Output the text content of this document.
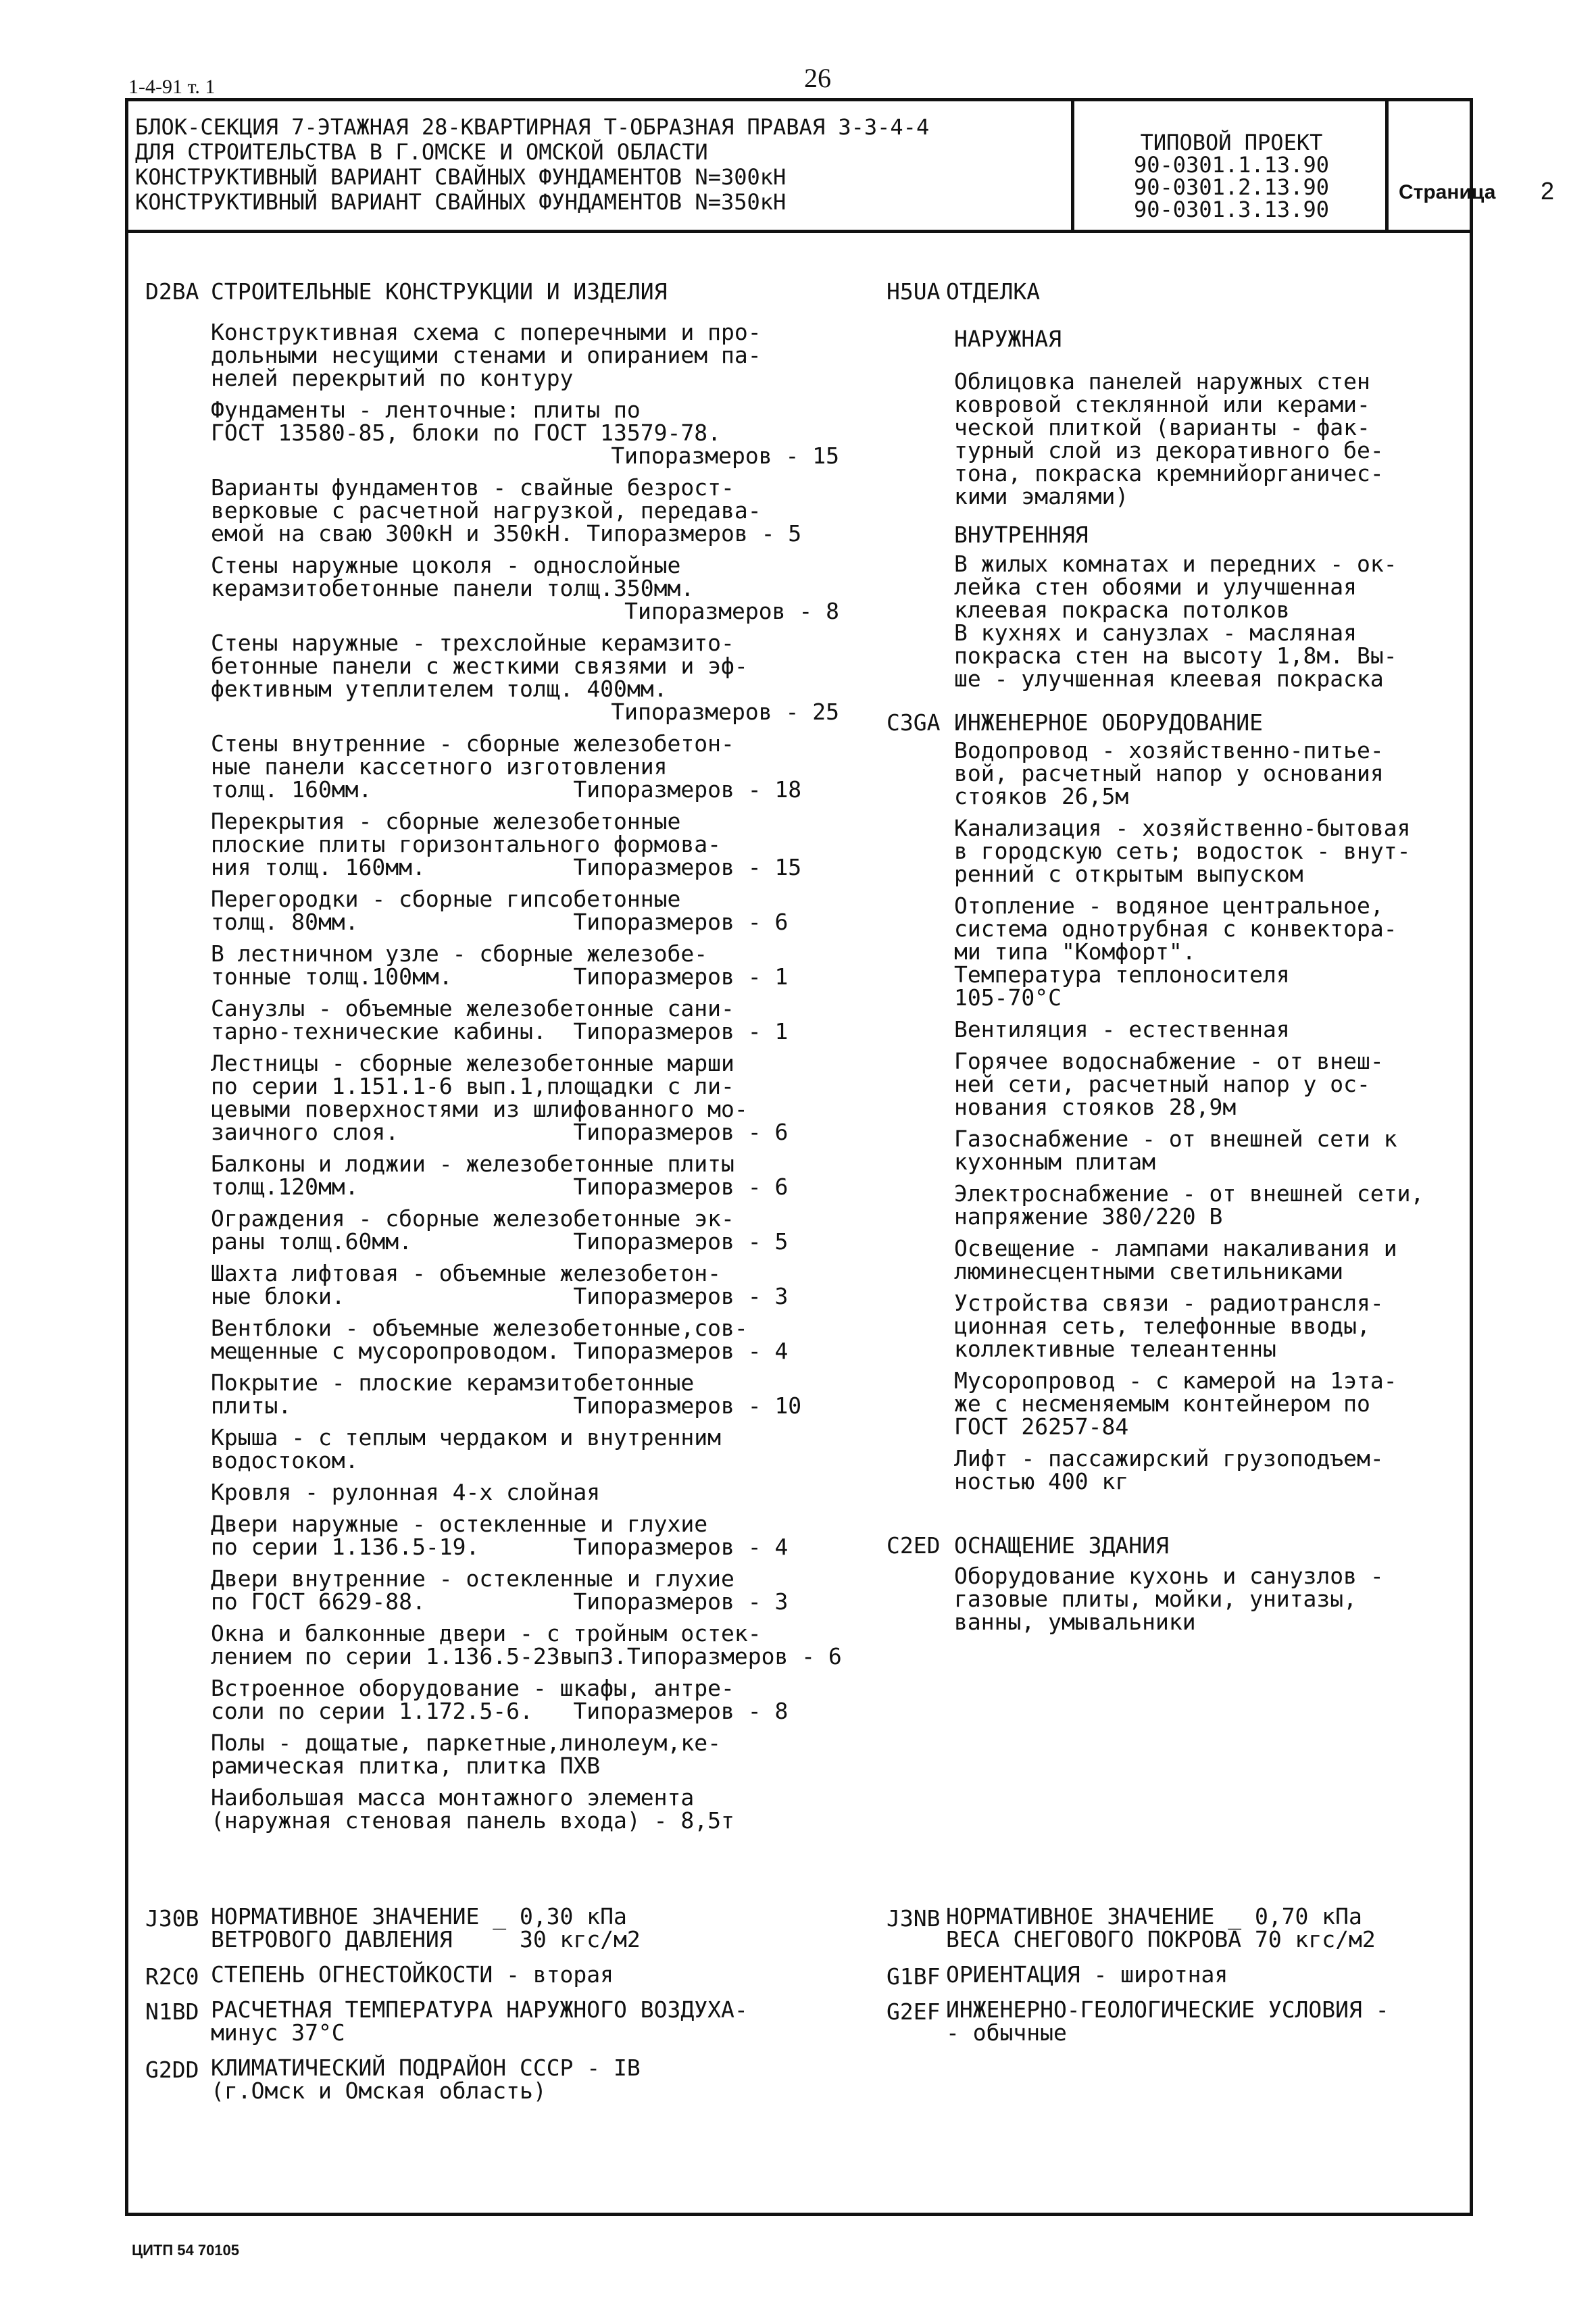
1-4-91 т. 1	26
БЛОК-СЕКЦИЯ 7-ЭТАЖНАЯ 28-КВАРТИРНАЯ Т-ОБРАЗНАЯ ПРАВАЯ 3-3-4-4
ДЛЯ СТРОИТЕЛЬСТВА В Г.ОМСКЕ И ОМСКОЙ ОБЛАСТИ
КОНСТРУКТИВНЫЙ ВАРИАНТ СВАЙНЫХ ФУНДАМЕНТОВ N=300кН
КОНСТРУКТИВНЫЙ ВАРИАНТ СВАЙНЫХ ФУНДАМЕНТОВ N=350кН
ТИПОВОЙ ПРОЕКТ
90-0301.1.13.90
90-0301.2.13.90
90-0301.3.13.90
Страница 2
D2BA СТРОИТЕЛЬНЫЕ КОНСТРУКЦИИ И ИЗДЕЛИЯ
Конструктивная схема с поперечными и про-
дольными несущими стенами и опиранием па-
нелей перекрытий по контуру
Фундаменты - ленточные: плиты по
ГОСТ 13580-85, блоки по ГОСТ 13579-78.
Типоразмеров - 15
Варианты фундаментов - свайные безрост-
верковые с расчетной нагрузкой, передава-
емой на сваю 300кН и 350кН. Типоразмеров - 5
Стены наружные цоколя - однослойные
керамзитобетонные панели толщ.350мм.
Типоразмеров - 8
Стены наружные - трехслойные керамзито-
бетонные панели с жесткими связями и эф-
фективным утеплителем толщ. 400мм.
Типоразмеров - 25
Стены внутренние - сборные железобетон-
ные панели кассетного изготовления
толщ. 160мм.               Типоразмеров - 18
Перекрытия - сборные железобетонные
плоские плиты горизонтального формова-
ния толщ. 160мм.           Типоразмеров - 15
Перегородки - сборные гипсобетонные
толщ. 80мм.                Типоразмеров - 6
В лестничном узле - сборные железобе-
тонные толщ.100мм.         Типоразмеров - 1
Санузлы - объемные железобетонные сани-
тарно-технические кабины.  Типоразмеров - 1
Лестницы - сборные железобетонные марши
по серии 1.151.1-6 вып.1,площадки с ли-
цевыми поверхностями из шлифованного мо-
заичного слоя.             Типоразмеров - 6
Балконы и лоджии - железобетонные плиты
толщ.120мм.                Типоразмеров - 6
Ограждения - сборные железобетонные эк-
раны толщ.60мм.            Типоразмеров - 5
Шахта лифтовая - объемные железобетон-
ные блоки.                 Типоразмеров - 3
Вентблоки - объемные железобетонные,сов-
мещенные с мусоропроводом. Типоразмеров - 4
Покрытие - плоские керамзитобетонные
плиты.                     Типоразмеров - 10
Крыша - с теплым чердаком и внутренним
водостоком.
Кровля - рулонная 4-х слойная
Двери наружные - остекленные и глухие
по серии 1.136.5-19.       Типоразмеров - 4
Двери внутренние - остекленные и глухие
по ГОСТ 6629-88.           Типоразмеров - 3
Окна и балконные двери - с тройным остек-
лением по серии 1.136.5-23вып3.Типоразмеров - 6
Встроенное оборудование - шкафы, антре-
соли по серии 1.172.5-6.   Типоразмеров - 8
Полы - дощатые, паркетные,линолеум,ке-
рамическая плитка, плитка ПХВ
Наибольшая масса монтажного элемента
(наружная стеновая панель входа) - 8,5т
H5UA ОТДЕЛКА
НАРУЖНАЯ
Облицовка панелей наружных стен
ковровой стеклянной или керами-
ческой плиткой (варианты - фак-
турный слой из декоративного бе-
тона, покраска кремнийорганичес-
кими эмалями)
ВНУТРЕННЯЯ
В жилых комнатах и передних - ок-
лейка стен обоями и улучшенная
клеевая покраска потолков
В кухнях и санузлах - масляная
покраска стен на высоту 1,8м. Вы-
ше - улучшенная клеевая покраска
C3GA ИНЖЕНЕРНОЕ ОБОРУДОВАНИЕ
Водопровод - хозяйственно-питье-
вой, расчетный напор у основания
стояков 26,5м
Канализация - хозяйственно-бытовая
в городскую сеть; водосток - внут-
ренний с открытым выпуском
Отопление - водяное центральное,
система однотрубная с конвектора-
ми типа "Комфорт".
Температура теплоносителя
105-70°С
Вентиляция - естественная
Горячее водоснабжение - от внеш-
ней сети, расчетный напор у ос-
нования стояков 28,9м
Газоснабжение - от внешней сети к
кухонным плитам
Электроснабжение - от внешней сети,
напряжение 380/220 В
Освещение - лампами накаливания и
люминесцентными светильниками
Устройства связи - радиотрансля-
ционная сеть, телефонные вводы,
коллективные телеантенны
Мусоропровод - с камерой на 1эта-
же с несменяемым контейнером по
ГОСТ 26257-84
Лифт - пассажирский грузоподъем-
ностью 400 кг
C2ED ОСНАЩЕНИЕ ЗДАНИЯ
Оборудование кухонь и санузлов -
газовые плиты, мойки, унитазы,
ванны, умывальники
J30B НОРМАТИВНОЕ ЗНАЧЕНИЕ _ 0,30 кПа
ВЕТРОВОГО ДАВЛЕНИЯ     30 кгс/м2
R2C0 СТЕПЕНЬ ОГНЕСТОЙКОСТИ - вторая
N1BD РАСЧЕТНАЯ ТЕМПЕРАТУРА НАРУЖНОГО ВОЗДУХА-
минус 37°С
G2DD КЛИМАТИЧЕСКИЙ ПОДРАЙОН СССР - IB
(г.Омск и Омская область)
J3NB НОРМАТИВНОЕ ЗНАЧЕНИЕ _ 0,70 кПа
ВЕСА СНЕГОВОГО ПОКРОВА 70 кгс/м2
G1BF ОРИЕНТАЦИЯ - широтная
G2EF ИНЖЕНЕРНО-ГЕОЛОГИЧЕСКИЕ УСЛОВИЯ -
- обычные
ЦИТП 54 70105
